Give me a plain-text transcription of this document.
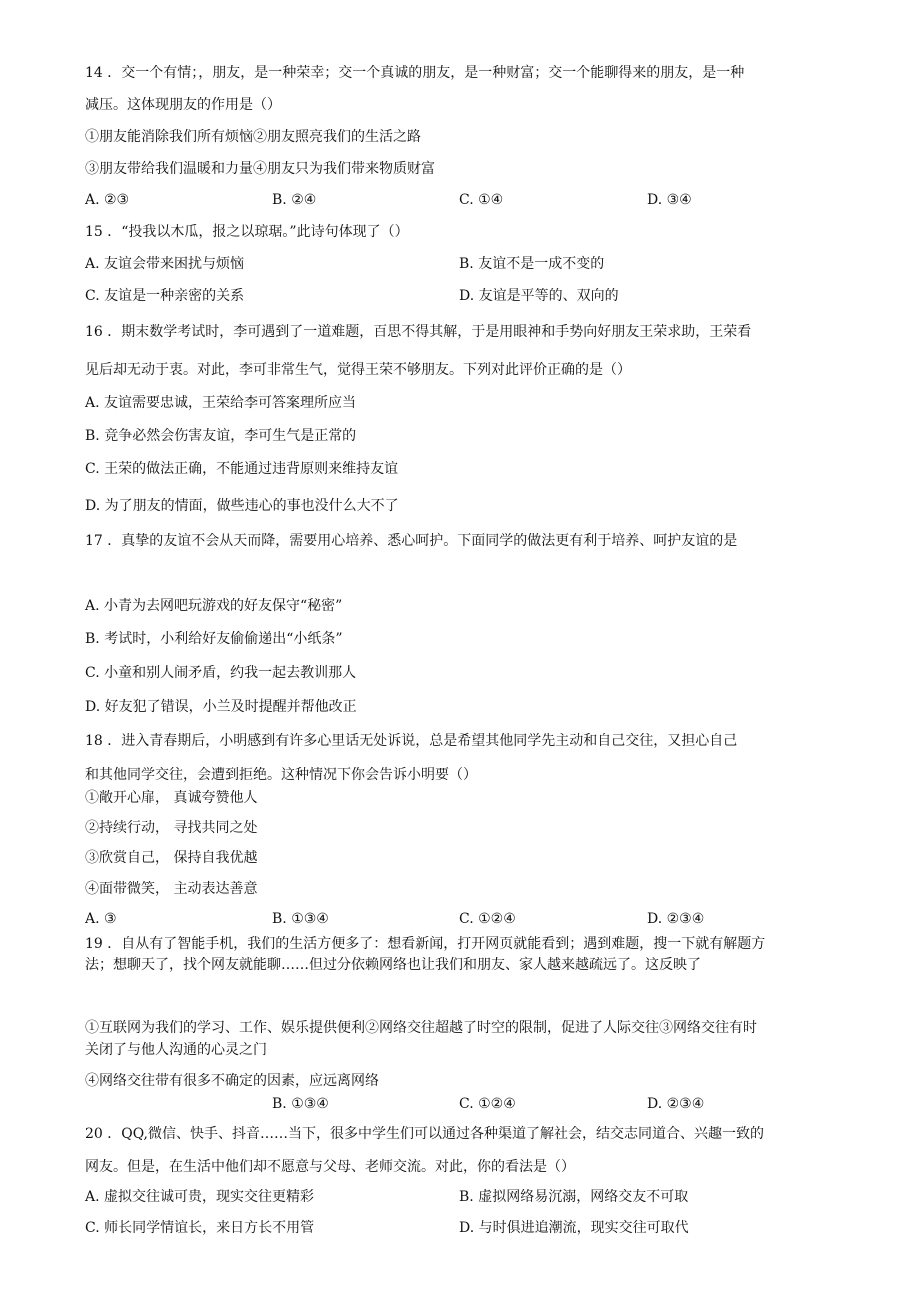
14 ．交一个有情；，朋友，是一种荣幸；交一个真诚的朋友，是一种财富；交一个能聊得来的朋友，是一种
减压。这体现朋友的作用是（）
①朋友能消除我们所有烦恼②朋友照亮我们的生活之路
③朋友带给我们温暖和力量④朋友只为我们带来物质财富
A. ②③	B. ②④	C. ①④	D. ③④
15 ．“投我以木瓜，报之以琼琚。”此诗句体现了（）
A. 友谊会带来困扰与烦恼	B. 友谊不是一成不变的
C. 友谊是一种亲密的关系	D. 友谊是平等的、双向的
16 ．期末数学考试时，李可遇到了一道难题，百思不得其解，于是用眼神和手势向好朋友王荣求助，王荣看
见后却无动于衷。对此，李可非常生气，觉得王荣不够朋友。下列对此评价正确的是（）
A. 友谊需要忠诚，王荣给李可答案理所应当
B. 竞争必然会伤害友谊，李可生气是正常的
C. 王荣的做法正确，不能通过违背原则来维持友谊
D. 为了朋友的情面，做些违心的事也没什么大不了
17 ．真挚的友谊不会从天而降，需要用心培养、悉心呵护。下面同学的做法更有利于培养、呵护友谊的是
A. 小青为去网吧玩游戏的好友保守“秘密”
B. 考试时，小利给好友偷偷递出“小纸条”
C. 小童和别人闹矛盾，约我一起去教训那人
D. 好友犯了错误，小兰及时提醒并帮他改正
18 ．进入青春期后，小明感到有许多心里话无处诉说，总是希望其他同学先主动和自己交往，又担心自己
和其他同学交往，会遭到拒绝。这种情况下你会告诉小明要（）
①敞开心扉， 真诚夸赞他人
②持续行动， 寻找共同之处
③欣赏自己， 保持自我优越
④面带微笑， 主动表达善意
A. ③	B. ①③④	C. ①②④	D. ②③④
19 ．自从有了智能手机，我们的生活方便多了：想看新闻，打开网页就能看到；遇到难题，搜一下就有解题方
法；想聊天了，找个网友就能聊……但过分依赖网络也让我们和朋友、家人越来越疏远了。这反映了
①互联网为我们的学习、工作、娱乐提供便利②网络交往超越了时空的限制，促进了人际交往③网络交往有时
关闭了与他人沟通的心灵之门
④网络交往带有很多不确定的因素，应远离网络
B. ①③④	C. ①②④	D. ②③④
20 ．QQ,微信、快手、抖音……当下，很多中学生们可以通过各种渠道了解社会，结交志同道合、兴趣一致的
网友。但是，在生活中他们却不愿意与父母、老师交流。对此，你的看法是（）
A. 虚拟交往诚可贵，现实交往更精彩	B. 虚拟网络易沉溺，网络交友不可取
C. 师长同学情谊长，来日方长不用管	D. 与时俱进追潮流，现实交往可取代
